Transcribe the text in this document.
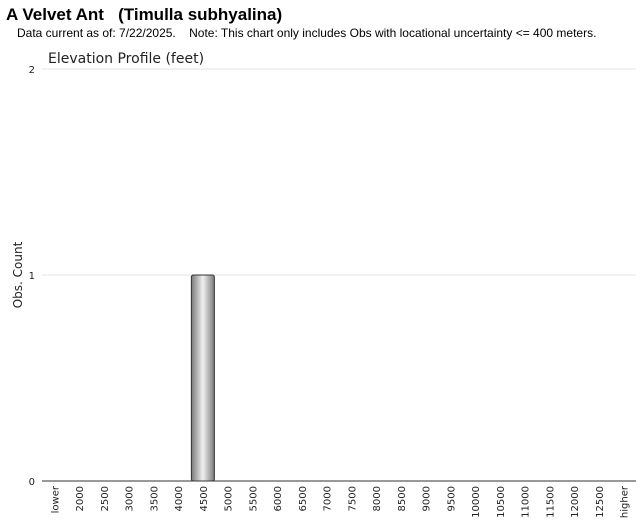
A Velvet Ant   (Timulla subhyalina)
Data current as of: 7/22/2025.    Note: This chart only includes Obs with locational uncertainty <= 400 meters.
Elevation Profile (feet)
Obs. Count
0
1
2
lower 2000 2500 3000 3500 4000 4500 5000 5500 6000 6500 7000 7500 8000 8500 9000 9500 10000 10500 11000 11500 12000 12500 higher
